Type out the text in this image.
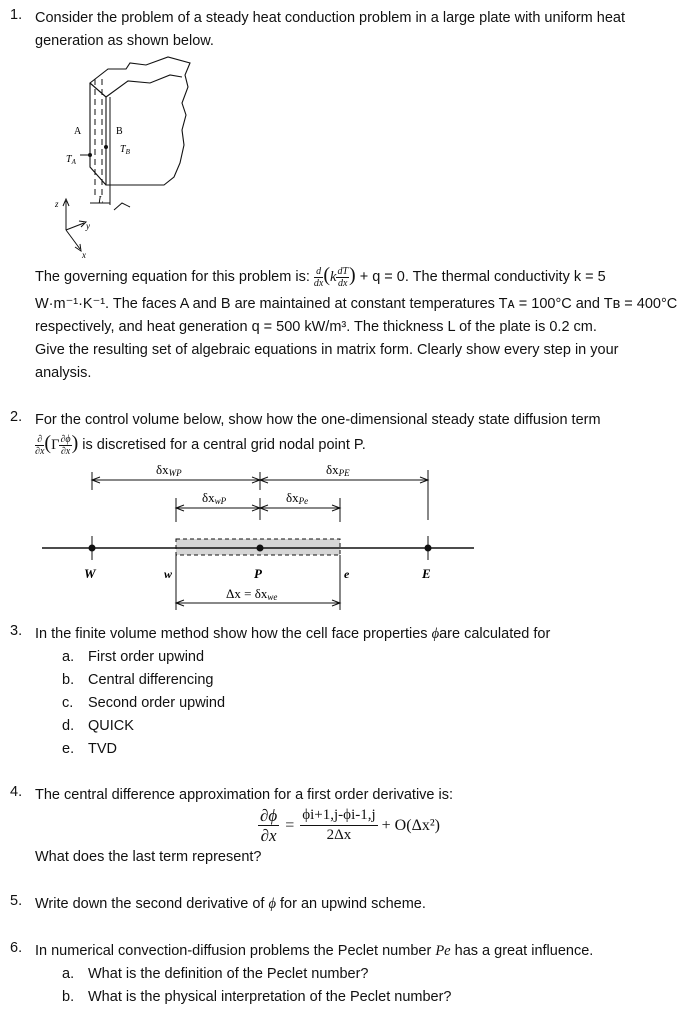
1. Consider the problem of a steady heat conduction problem in a large plate with uniform heat
generation as shown below.
A	B
$T_A$
$T_B$
L
z
y
x
The governing equation for this problem is: $\frac{d}{dx} (k \frac{dT}{dx}$ ) + q = 0. The thermal conductivity k = 5
W·m⁻¹·K⁻¹. The faces A and B are maintained at constant temperatures Tᴀ = 100°C and Tʙ = 400°C
respectively, and heat generation q = 500 kW/m³. The thickness L of the plate is 0.2 cm.
Give the resulting set of algebraic equations in matrix form. Clearly show every step in your
analysis.
2. For the control volume below, show how the one-dimensional steady state diffusion term
$\frac{\partial}{\partial x} (\Gamma \frac{\partial\phi}{\partial x}$ ) is discretised for a central grid nodal point P.
δxWP	δxPE
δxwP	δxPe
W	w	P	e	E
Δx = δxwe
3. In the finite volume method show how the cell face properties ϕare calculated for
a. First order upwind
b. Central differencing
c. Second order upwind
d. QUICK
e. TVD
4. The central difference approximation for a first order derivative is:
$\frac{\partial\phi}{\partial x} = \frac{\phi i+1,j-\phi i-1,j}{2\Delta x} + O(\Delta x^2)$
What does the last term represent?
5. Write down the second derivative of ϕ for an upwind scheme.
6. In numerical convection-diffusion problems the Peclet number Pe has a great influence.
a. What is the definition of the Peclet number?
b. What is the physical interpretation of the Peclet number?
